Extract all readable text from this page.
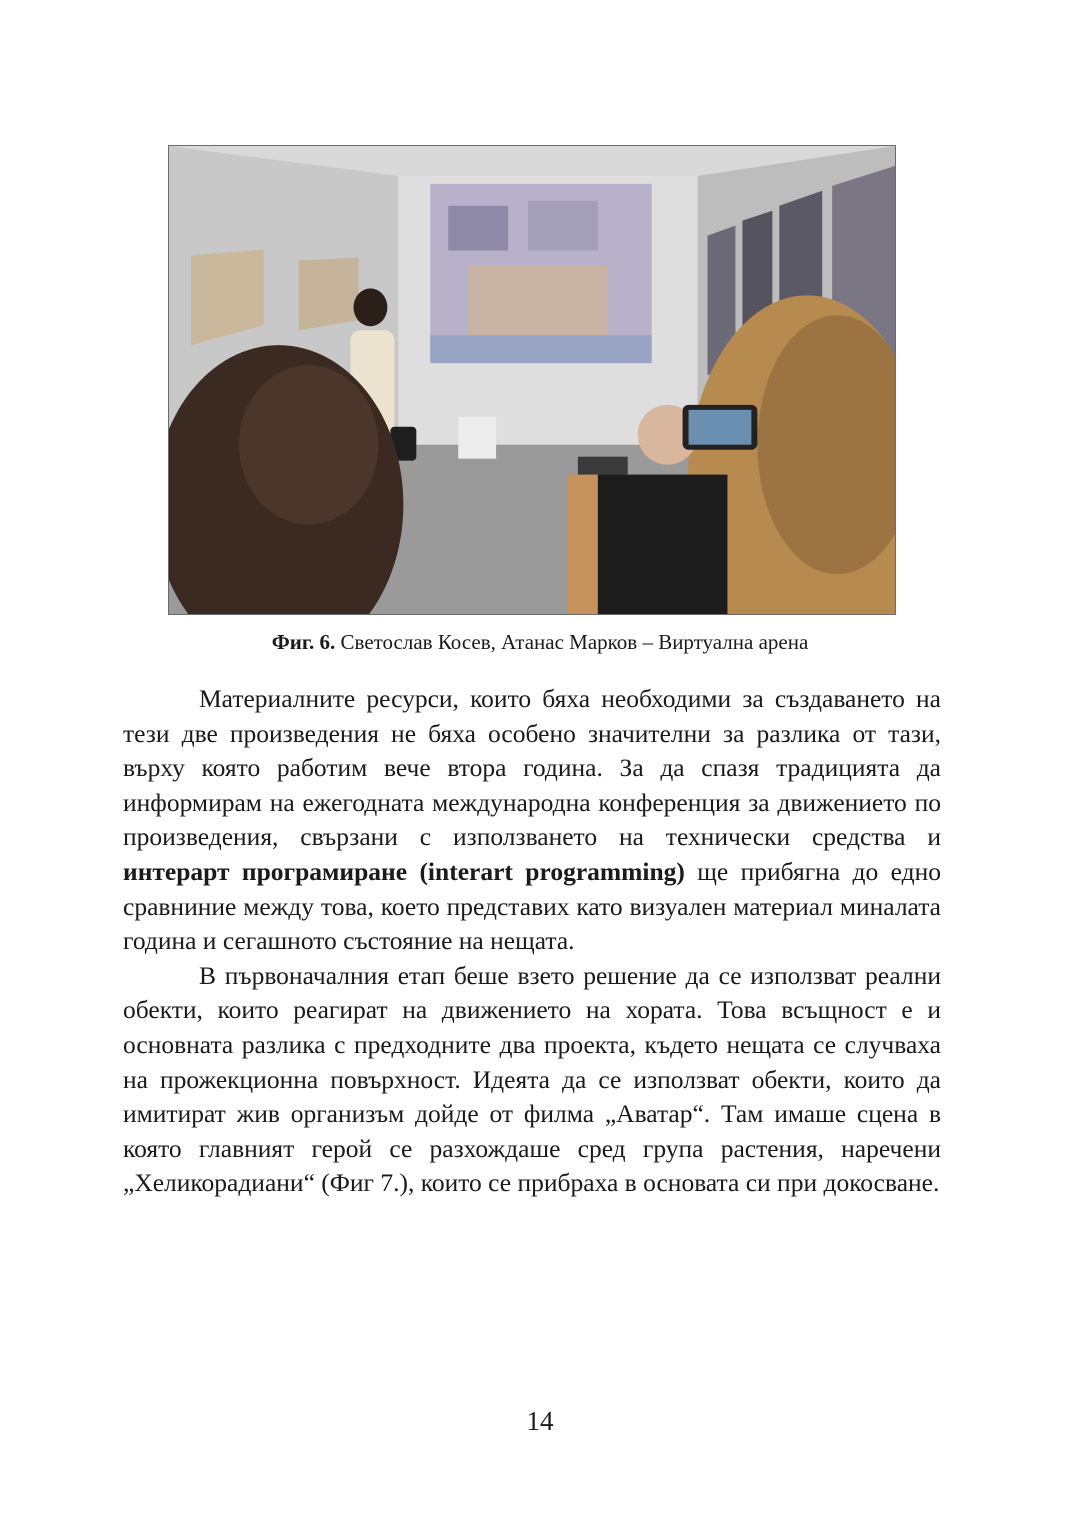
Фиг. 6. Светослав Косев, Атанас Марков – Виртуална арена

Материалните ресурси, които бяха необходими за създаването на тези две произведения не бяха особено значителни за разлика от тази, върху която работим вече втора година. За да спазя традицията да информирам на ежегодната международна конференция за движението по произведения, свързани с използването на технически средства и интерарт програмиране (interart programming) ще прибягна до едно сравниние между това, което представих като визуален материал миналата година и сегашното състояние на нещата.

В първоначалния етап беше взето решение да се използват реални обекти, които реагират на движението на хората. Това всъщност е и основната разлика с предходните два проекта, където нещата се случваха на прожекционна повърхност. Идеята да се използват обекти, които да имитират жив организъм дойде от филма „Аватар“. Там имаше сцена в която главният герой се разхождаше сред група растения, наречени „Хеликорадиани“ (Фиг 7.), които се прибраха в основата си при докосване.

14
